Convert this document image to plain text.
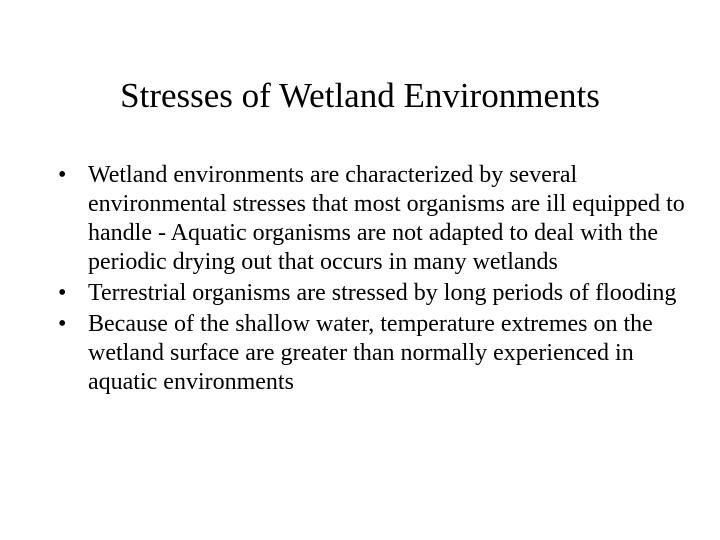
Stresses of Wetland Environments
• Wetland environments are characterized by several environmental stresses that most organisms are ill equipped to handle - Aquatic organisms are not adapted to deal with the periodic drying out that occurs in many wetlands
• Terrestrial organisms are stressed by long periods of flooding
• Because of the shallow water, temperature extremes on the wetland surface are greater than normally experienced in aquatic environments
